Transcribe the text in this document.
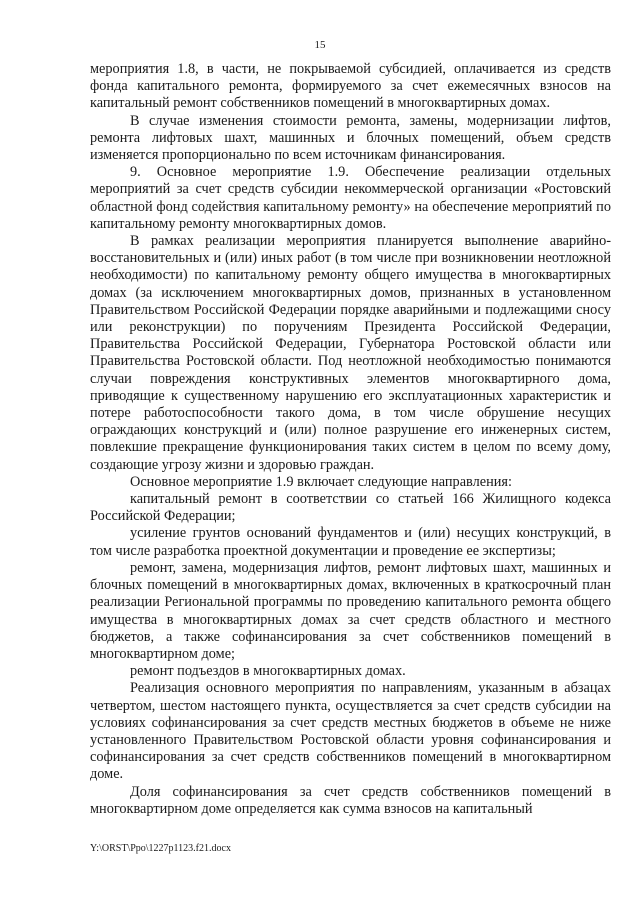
15

мероприятия 1.8, в части, не покрываемой субсидией, оплачивается из средств фонда капитального ремонта, формируемого за счет ежемесячных взносов на капитальный ремонт собственников помещений в многоквартирных домах.

В случае изменения стоимости ремонта, замены, модернизации лифтов, ремонта лифтовых шахт, машинных и блочных помещений, объем средств изменяется пропорционально по всем источникам финансирования.

9. Основное мероприятие 1.9. Обеспечение реализации отдельных мероприятий за счет средств субсидии некоммерческой организации «Ростовский областной фонд содействия капитальному ремонту» на обеспечение мероприятий по капитальному ремонту многоквартирных домов.

В рамках реализации мероприятия планируется выполнение аварийно-восстановительных и (или) иных работ (в том числе при возникновении неотложной необходимости) по капитальному ремонту общего имущества в многоквартирных домах (за исключением многоквартирных домов, признанных в установленном Правительством Российской Федерации порядке аварийными и подлежащими сносу или реконструкции) по поручениям Президента Российской Федерации, Правительства Российской Федерации, Губернатора Ростовской области или Правительства Ростовской области. Под неотложной необходимостью понимаются случаи повреждения конструктивных элементов многоквартирного дома, приводящие к существенному нарушению его эксплуатационных характеристик и потере работоспособности такого дома, в том числе обрушение несущих ограждающих конструкций и (или) полное разрушение его инженерных систем, повлекшие прекращение функционирования таких систем в целом по всему дому, создающие угрозу жизни и здоровью граждан.

Основное мероприятие 1.9 включает следующие направления:

капитальный ремонт в соответствии со статьей 166 Жилищного кодекса Российской Федерации;

усиление грунтов оснований фундаментов и (или) несущих конструкций, в том числе разработка проектной документации и проведение ее экспертизы;

ремонт, замена, модернизация лифтов, ремонт лифтовых шахт, машинных и блочных помещений в многоквартирных домах, включенных в краткосрочный план реализации Региональной программы по проведению капитального ремонта общего имущества в многоквартирных домах за счет средств областного и местного бюджетов, а также софинансирования за счет собственников помещений в многоквартирном доме;

ремонт подъездов в многоквартирных домах.

Реализация основного мероприятия по направлениям, указанным в абзацах четвертом, шестом настоящего пункта, осуществляется за счет средств субсидии на условиях софинансирования за счет средств местных бюджетов в объеме не ниже установленного Правительством Ростовской области уровня софинансирования и софинансирования за счет средств собственников помещений в многоквартирном доме.

Доля софинансирования за счет средств собственников помещений в многоквартирном доме определяется как сумма взносов на капитальный

Y:\ORST\Ppo\1227p1123.f21.docx
